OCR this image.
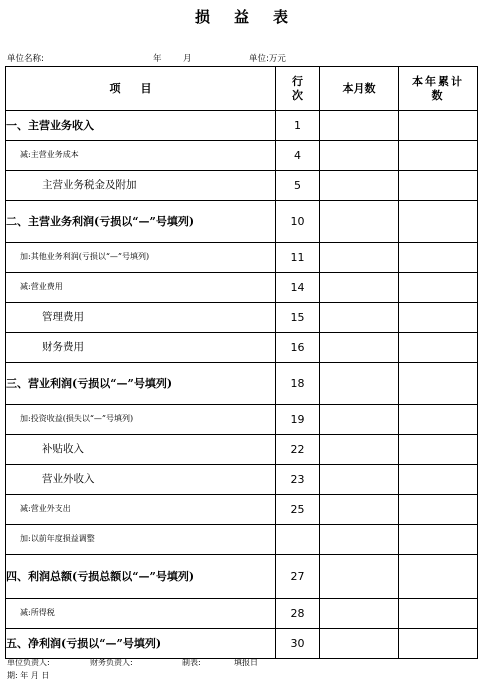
损益表
单位名称:	年	月	单位:万元
项目	行次	本月数	本年累计数

一、主营业务收入	1		
减:主营业务成本	4		
主营业务税金及附加	5		
二、主营业务利润(亏损以“—”号填列)	10		
加:其他业务利润(亏损以“—”号填列)	11		
减:营业费用	14		
管理费用	15		
财务费用	16		
三、营业利润(亏损以“—”号填列)	18		
加:投资收益(损失以“—”号填列)	19		
补贴收入	22		
营业外收入	23		
减:营业外支出	25		
加:以前年度损益调整			
四、利润总额(亏损总额以“—”号填列)	27		
减:所得税	28		
五、净利润(亏损以“—”号填列)	30		
单位负责人:	财务负责人:	制表:	填报日
期: 年 月 日
